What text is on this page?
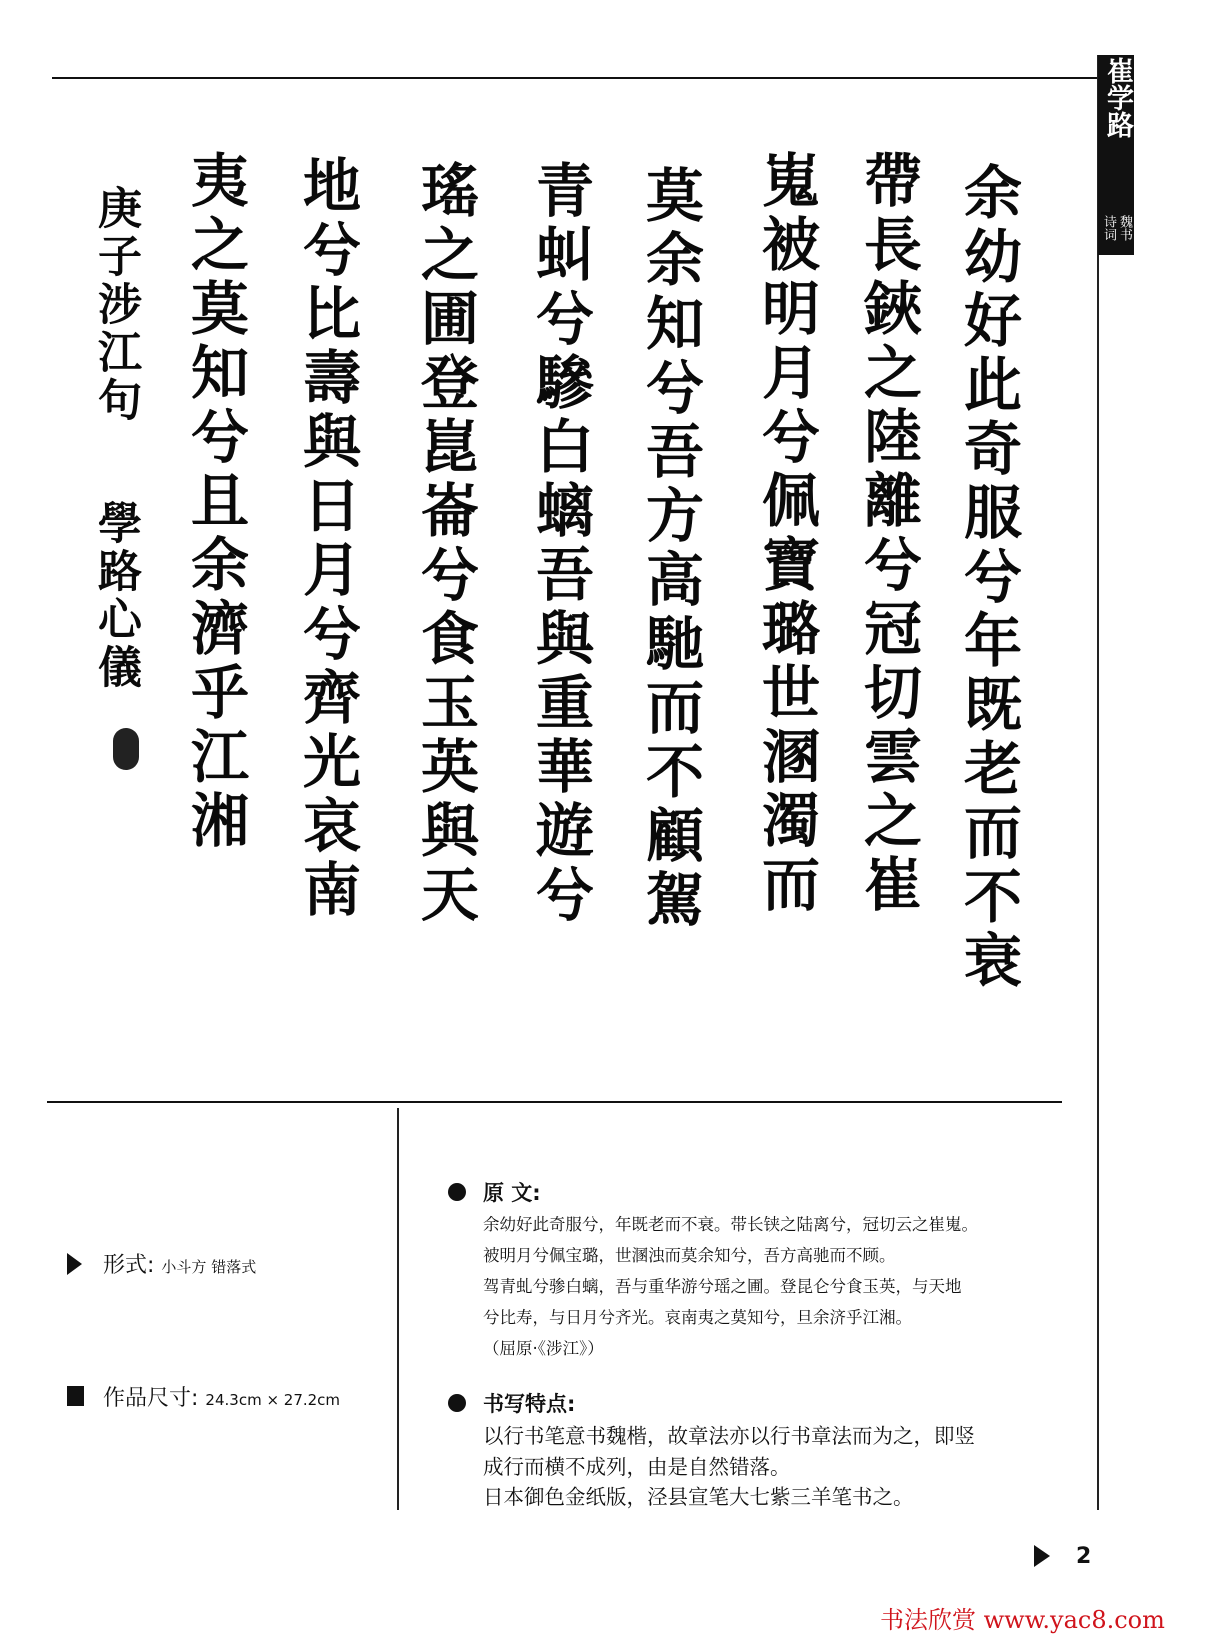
崔学路
魏书
诗词
余幼好此奇服兮年既老而不衰
帶長鋏之陸離兮冠切雲之崔
嵬被明月兮佩寶璐世溷濁而
莫余知兮吾方高馳而不顧駕
青虯兮驂白螭吾與重華遊兮
瑤之圃登崑崙兮食玉英與天
地兮比壽與日月兮齊光哀南
夷之莫知兮且余濟乎江湘
庚子涉江句
學路心儀
形式: 小斗方 错落式
作品尺寸: 24.3cm × 27.2cm
原 文:
余幼好此奇服兮，年既老而不衰。带长铗之陆离兮，冠切云之崔嵬。
被明月兮佩宝璐，世溷浊而莫余知兮，吾方高驰而不顾。
驾青虬兮骖白螭，吾与重华游兮瑶之圃。登昆仑兮食玉英，与天地
兮比寿，与日月兮齐光。哀南夷之莫知兮，旦余济乎江湘。
（屈原·《涉江》）
书写特点:
以行书笔意书魏楷，故章法亦以行书章法而为之，即竖
成行而横不成列，由是自然错落。
日本御色金纸版，泾县宣笔大七紫三羊笔书之。
2
书法欣赏 www.yac8.com
